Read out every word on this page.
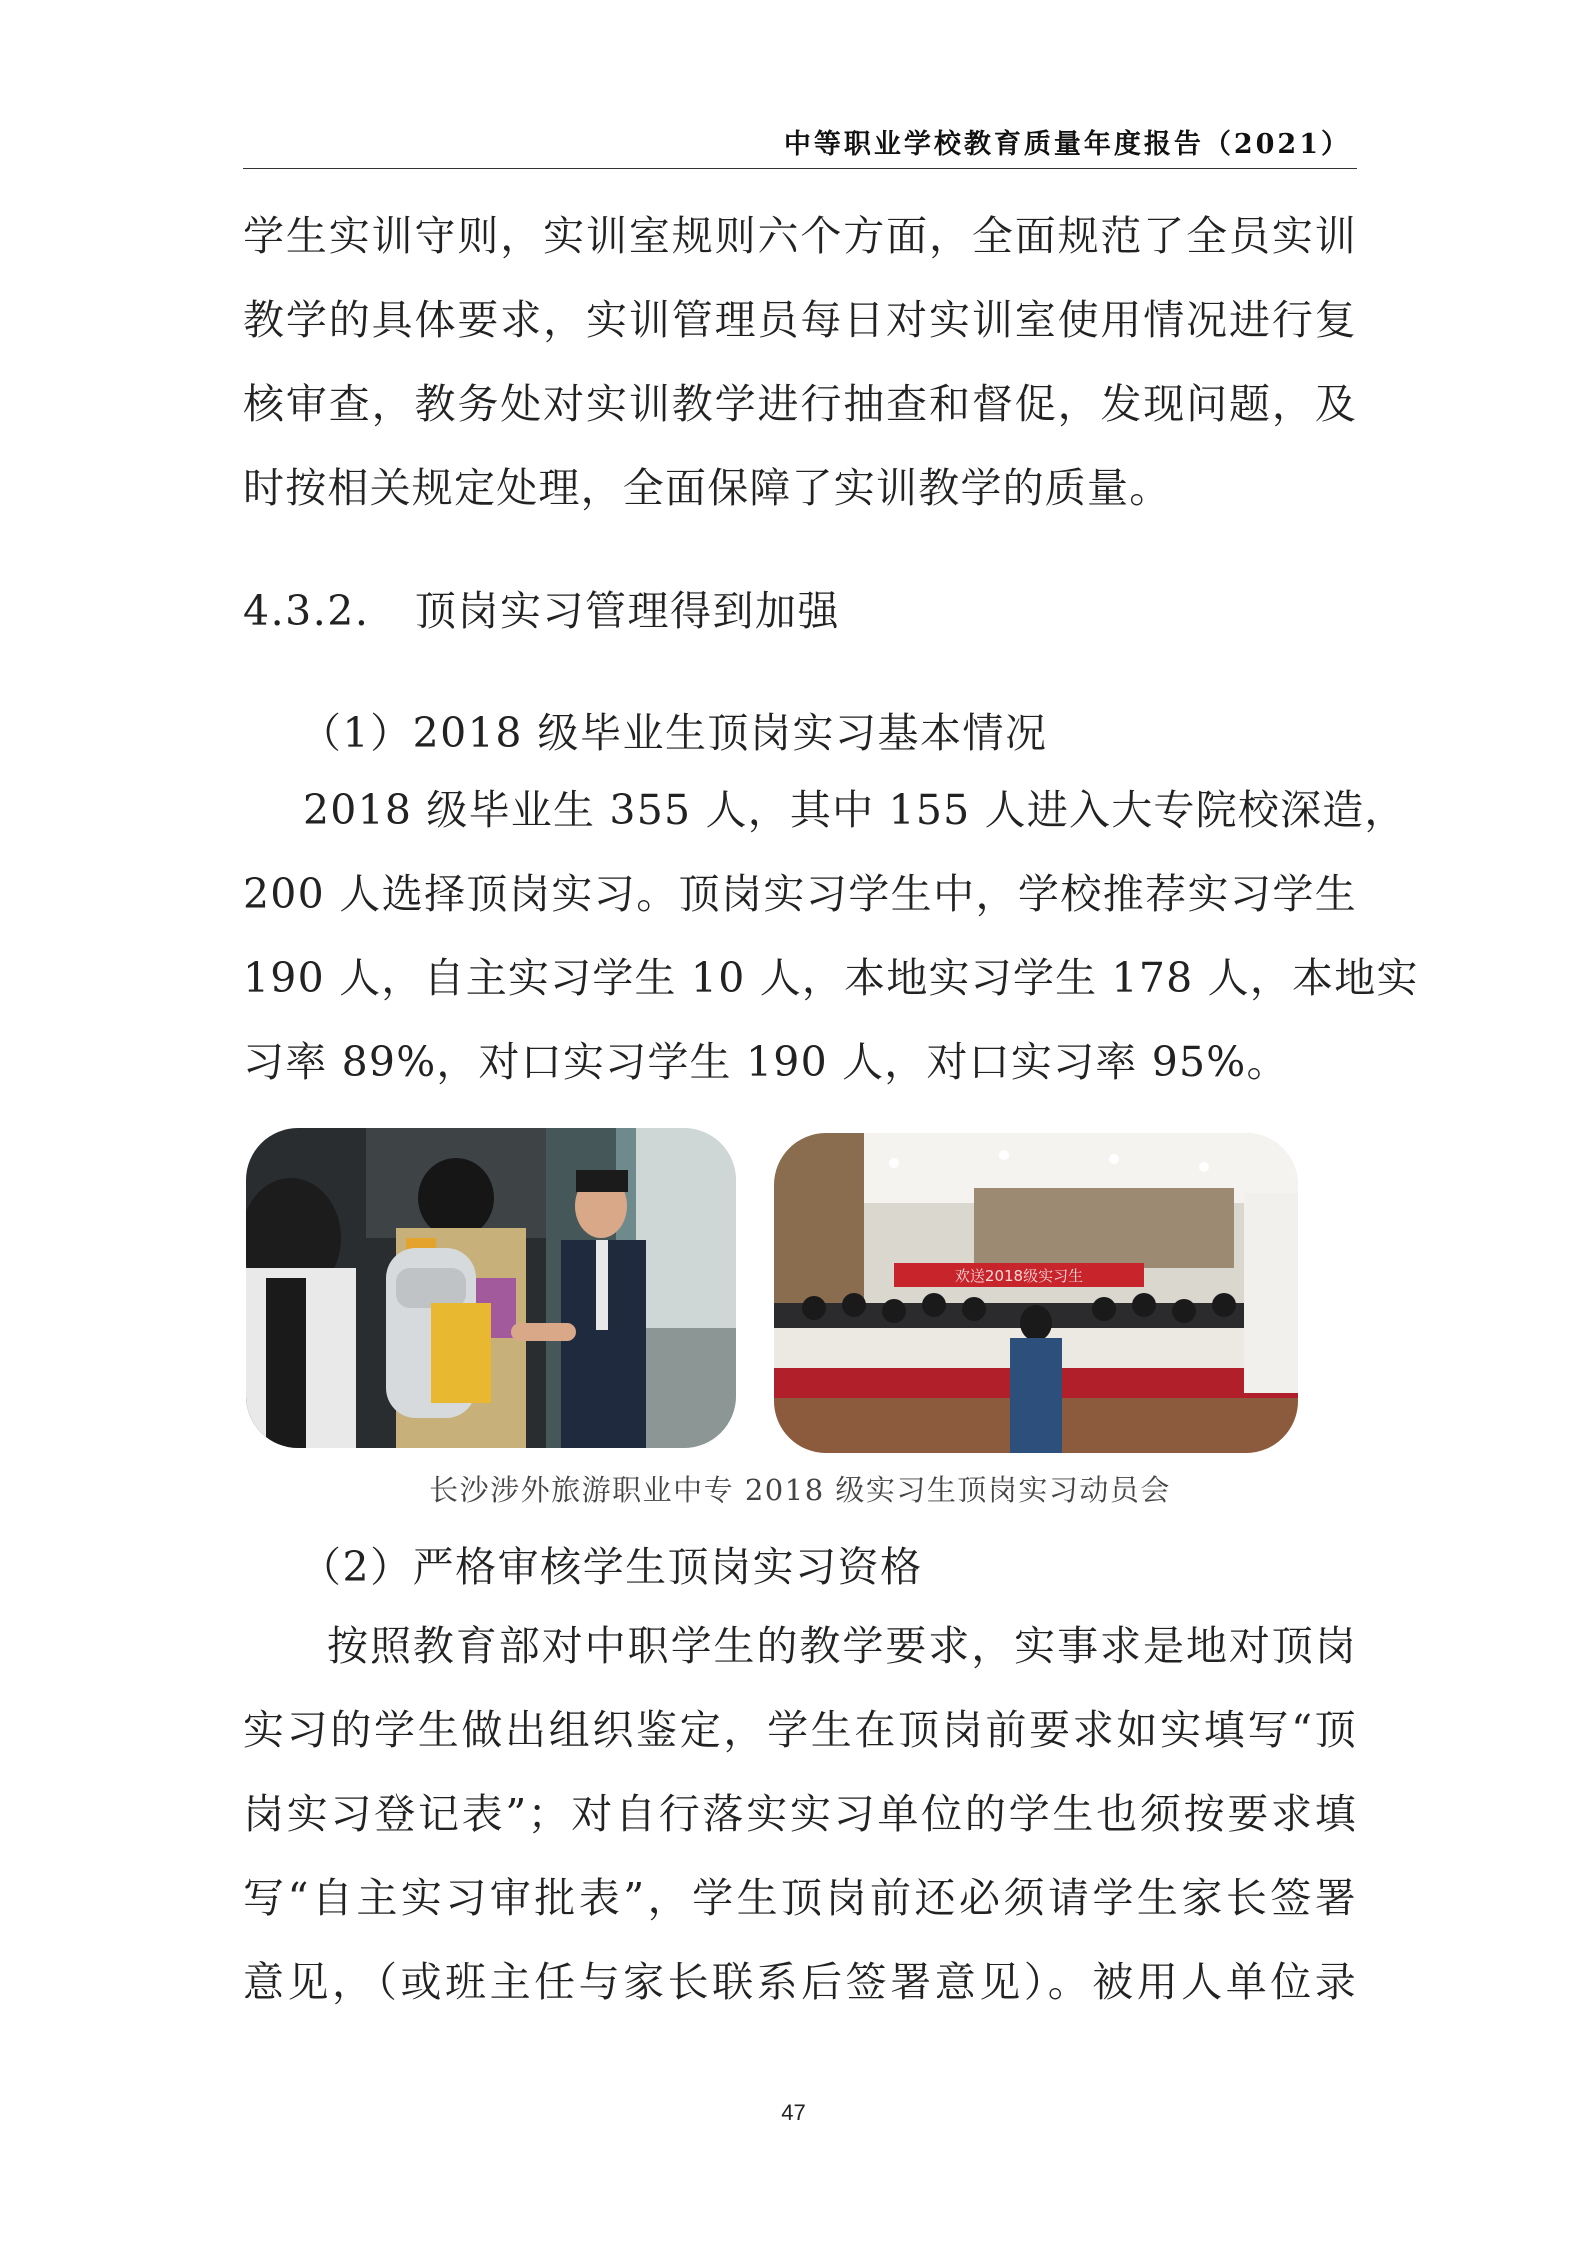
中等职业学校教育质量年度报告（2021）
学生实训守则，实训室规则六个方面，全面规范了全员实训
教学的具体要求，实训管理员每日对实训室使用情况进行复
核审查，教务处对实训教学进行抽查和督促，发现问题，及
时按相关规定处理，全面保障了实训教学的质量。
4.3.2. 顶岗实习管理得到加强
（1）2018 级毕业生顶岗实习基本情况
2018 级毕业生 355 人，其中 155 人进入大专院校深造，
200 人选择顶岗实习。顶岗实习学生中，学校推荐实习学生
190 人，自主实习学生 10 人，本地实习学生 178 人，本地实
习率 89%，对口实习学生 190 人，对口实习率 95%。
欢送2018级实习生
长沙涉外旅游职业中专 2018 级实习生顶岗实习动员会
（2）严格审核学生顶岗实习资格
按照教育部对中职学生的教学要求，实事求是地对顶岗
实习的学生做出组织鉴定，学生在顶岗前要求如实填写“顶
岗实习登记表”；对自行落实实习单位的学生也须按要求填
写“自主实习审批表”，学生顶岗前还必须请学生家长签署
意见，（或班主任与家长联系后签署意见）。被用人单位录
47
